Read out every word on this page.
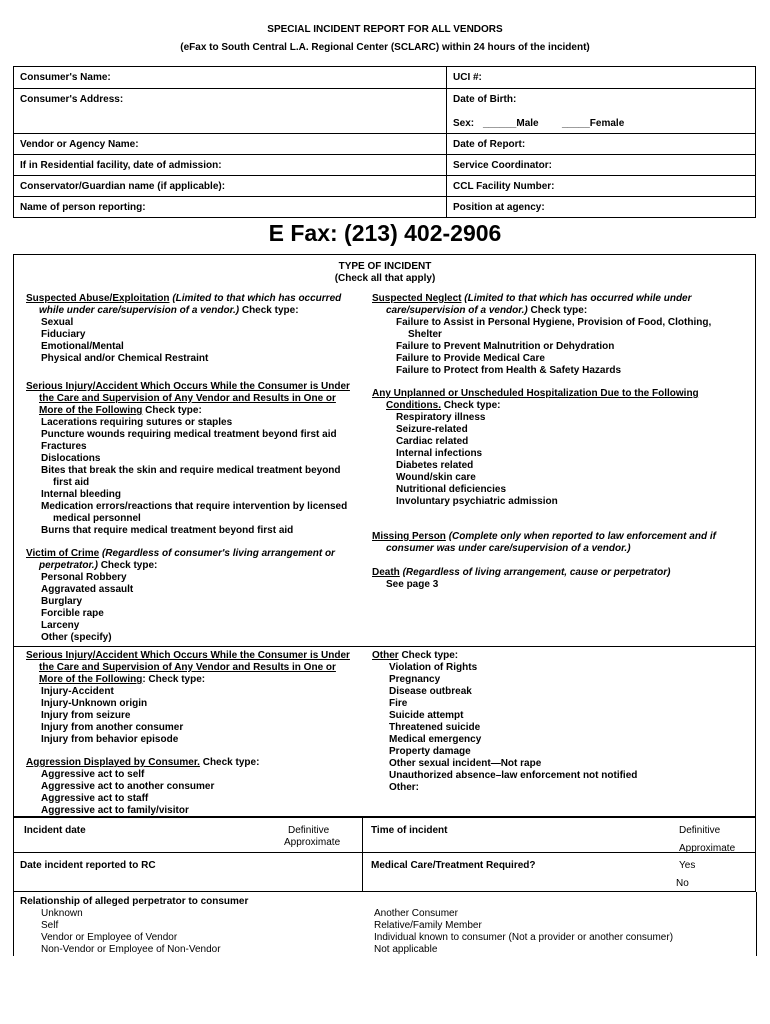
SPECIAL INCIDENT REPORT FOR ALL VENDORS
(eFax to South Central L.A. Regional Center (SCLARC) within 24 hours of the incident)
Consumer's Name:	UCI #:
Consumer's Address:	Date of Birth:
Sex: ______Male _____Female
Vendor or Agency Name:	Date of Report:
If in Residential facility, date of admission:	Service Coordinator:
Conservator/Guardian name (if applicable):	CCL Facility Number:
Name of person reporting:	Position at agency:
E Fax: (213) 402-2906
TYPE OF INCIDENT
(Check all that apply)
Suspected Abuse/Exploitation (Limited to that which has occurred
while under care/supervision of a vendor.) Check type:
Sexual
Fiduciary
Emotional/Mental
Physical and/or Chemical Restraint
Suspected Neglect (Limited to that which has occurred while under
care/supervision of a vendor.) Check type:
Failure to Assist in Personal Hygiene, Provision of Food, Clothing,
Shelter
Failure to Prevent Malnutrition or Dehydration
Failure to Provide Medical Care
Failure to Protect from Health & Safety Hazards
Serious Injury/Accident Which Occurs While the Consumer is Under
the Care and Supervision of Any Vendor and Results in One or
More of the Following Check type:
Lacerations requiring sutures or staples
Puncture wounds requiring medical treatment beyond first aid
Fractures
Dislocations
Bites that break the skin and require medical treatment beyond
first aid
Internal bleeding
Medication errors/reactions that require intervention by licensed
medical personnel
Burns that require medical treatment beyond first aid
Any Unplanned or Unscheduled Hospitalization Due to the Following
Conditions. Check type:
Respiratory illness
Seizure-related
Cardiac related
Internal infections
Diabetes related
Wound/skin care
Nutritional deficiencies
Involuntary psychiatric admission
Victim of Crime (Regardless of consumer's living arrangement or
perpetrator.) Check type:
Personal Robbery
Aggravated assault
Burglary
Forcible rape
Larceny
Other (specify)
Missing Person (Complete only when reported to law enforcement and if
consumer was under care/supervision of a vendor.)
Death (Regardless of living arrangement, cause or perpetrator)
See page 3
Serious Injury/Accident Which Occurs While the Consumer is Under
the Care and Supervision of Any Vendor and Results in One or
More of the Following: Check type:
Injury-Accident
Injury-Unknown origin
Injury from seizure
Injury from another consumer
Injury from behavior episode
Aggression Displayed by Consumer. Check type:
Aggressive act to self
Aggressive act to another consumer
Aggressive act to staff
Aggressive act to family/visitor
Other Check type:
Violation of Rights
Pregnancy
Disease outbreak
Fire
Suicide attempt
Threatened suicide
Medical emergency
Property damage
Other sexual incident—Not rape
Unauthorized absence–law enforcement not notified
Other:
Incident date	Definitive
Approximate
Time of incident	Definitive
Approximate
Date incident reported to RC	Medical Care/Treatment Required?	Yes
No
Relationship of alleged perpetrator to consumer
Unknown
Self
Vendor or Employee of Vendor
Non-Vendor or Employee of Non-Vendor
Another Consumer
Relative/Family Member
Individual known to consumer (Not a provider or another consumer)
Not applicable
